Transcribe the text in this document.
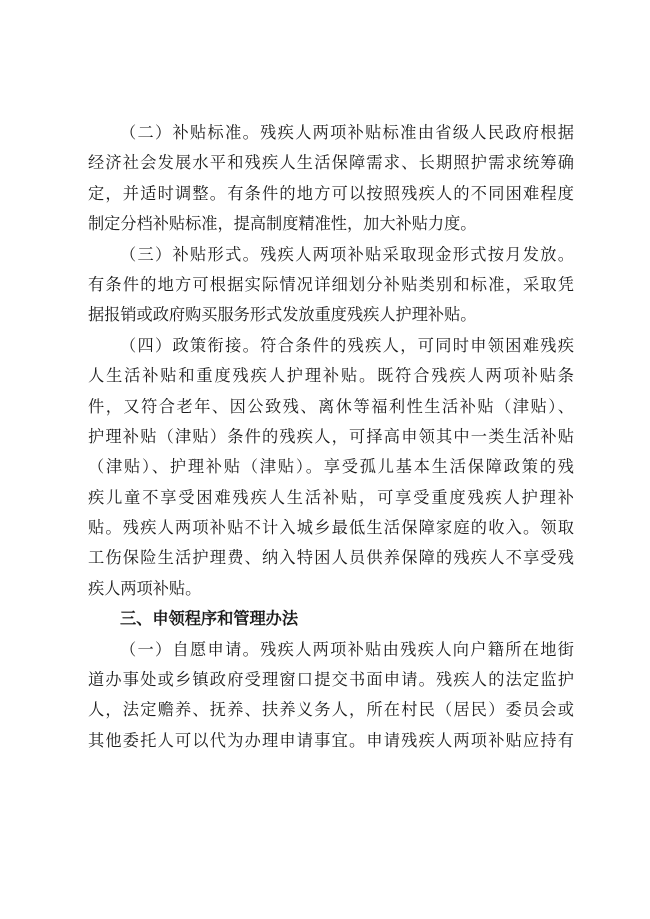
（二）补贴标准。残疾人两项补贴标准由省级人民政府根据
经济社会发展水平和残疾人生活保障需求、长期照护需求统筹确
定，并适时调整。有条件的地方可以按照残疾人的不同困难程度
制定分档补贴标准，提高制度精准性，加大补贴力度。
（三）补贴形式。残疾人两项补贴采取现金形式按月发放。
有条件的地方可根据实际情况详细划分补贴类别和标准，采取凭
据报销或政府购买服务形式发放重度残疾人护理补贴。
（四）政策衔接。符合条件的残疾人，可同时申领困难残疾
人生活补贴和重度残疾人护理补贴。既符合残疾人两项补贴条
件，又符合老年、因公致残、离休等福利性生活补贴（津贴）、
护理补贴（津贴）条件的残疾人，可择高申领其中一类生活补贴
（津贴）、护理补贴（津贴）。享受孤儿基本生活保障政策的残
疾儿童不享受困难残疾人生活补贴，可享受重度残疾人护理补
贴。残疾人两项补贴不计入城乡最低生活保障家庭的收入。领取
工伤保险生活护理费、纳入特困人员供养保障的残疾人不享受残
疾人两项补贴。
三、申领程序和管理办法
（一）自愿申请。残疾人两项补贴由残疾人向户籍所在地街
道办事处或乡镇政府受理窗口提交书面申请。残疾人的法定监护
人，法定赡养、抚养、扶养义务人，所在村民（居民）委员会或
其他委托人可以代为办理申请事宜。申请残疾人两项补贴应持有
